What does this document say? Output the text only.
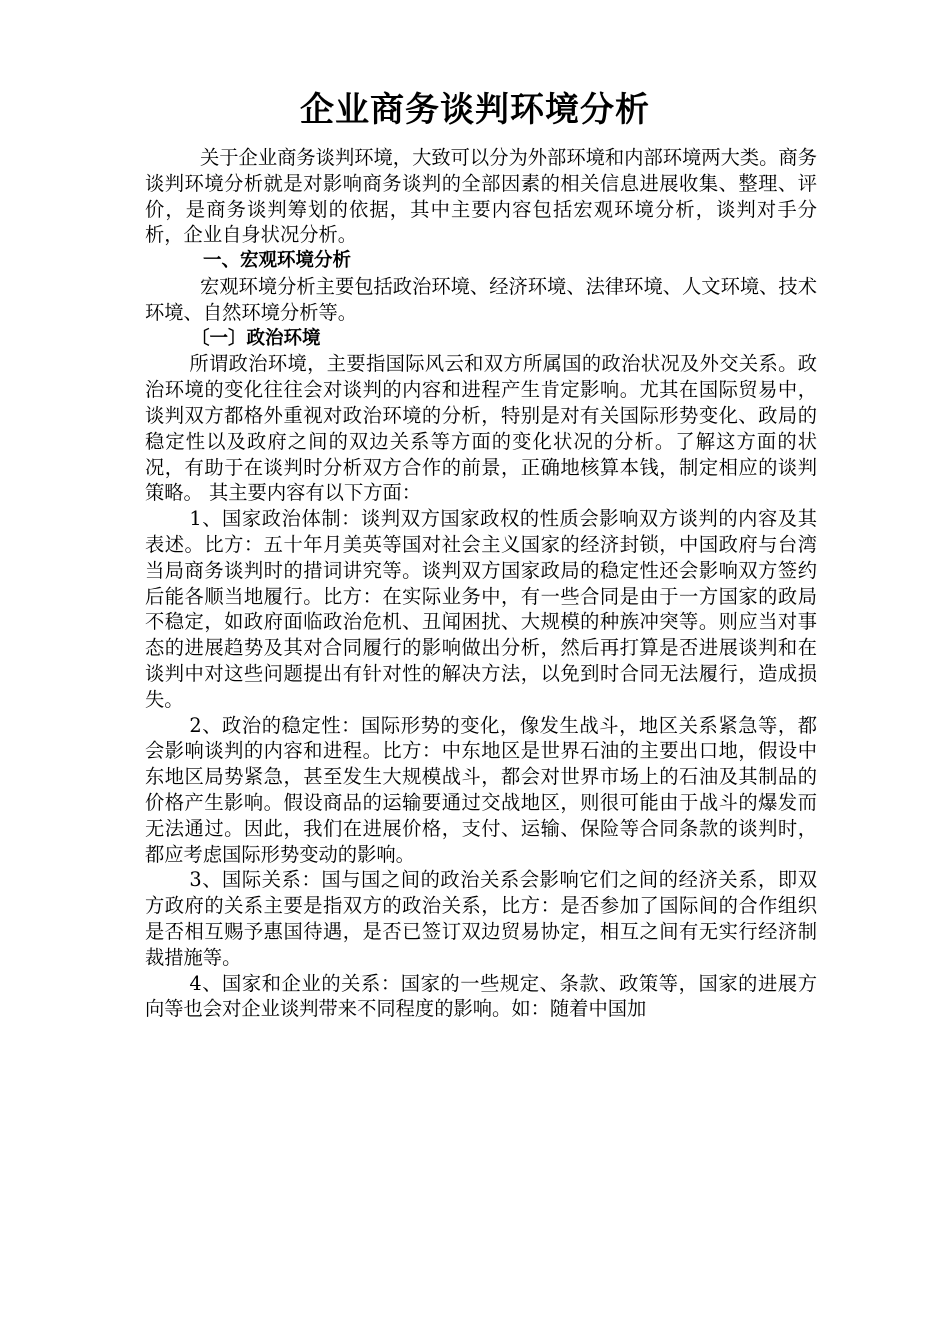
企业商务谈判环境分析

关于企业商务谈判环境，大致可以分为外部环境和内部环境两大类。商务谈判环境分析就是对影响商务谈判的全部因素的相关信息进展收集、整理、评价，是商务谈判筹划的依据，其中主要内容包括宏观环境分析，谈判对手分析，企业自身状况分析。

一、宏观环境分析

宏观环境分析主要包括政治环境、经济环境、法律环境、人文环境、技术环境、自然环境分析等。

〔一〕政治环境

所谓政治环境，主要指国际风云和双方所属国的政治状况及外交关系。政治环境的变化往往会对谈判的内容和进程产生肯定影响。尤其在国际贸易中，谈判双方都格外重视对政治环境的分析，特别是对有关国际形势变化、政局的稳定性以及政府之间的双边关系等方面的变化状况的分析。了解这方面的状况，有助于在谈判时分析双方合作的前景，正确地核算本钱，制定相应的谈判策略。 其主要内容有以下方面：

1、国家政治体制：谈判双方国家政权的性质会影响双方谈判的内容及其表述。比方：五十年月美英等国对社会主义国家的经济封锁，中国政府与台湾当局商务谈判时的措词讲究等。谈判双方国家政局的稳定性还会影响双方签约后能各顺当地履行。比方：在实际业务中，有一些合同是由于一方国家的政局不稳定，如政府面临政治危机、丑闻困扰、大规模的种族冲突等。则应当对事态的进展趋势及其对合同履行的影响做出分析，然后再打算是否进展谈判和在谈判中对这些问题提出有针对性的解决方法，以免到时合同无法履行，造成损失。

2、政治的稳定性：国际形势的变化，像发生战斗，地区关系紧急等，都会影响谈判的内容和进程。比方：中东地区是世界石油的主要出口地，假设中东地区局势紧急，甚至发生大规模战斗，都会对世界市场上的石油及其制品的价格产生影响。假设商品的运输要通过交战地区，则很可能由于战斗的爆发而无法通过。因此，我们在进展价格，支付、运输、保险等合同条款的谈判时，都应考虑国际形势变动的影响。

3、国际关系：国与国之间的政治关系会影响它们之间的经济关系，即双方政府的关系主要是指双方的政治关系，比方：是否参加了国际间的合作组织是否相互赐予惠国待遇，是否已签订双边贸易协定，相互之间有无实行经济制裁措施等。

4、国家和企业的关系：国家的一些规定、条款、政策等，国家的进展方向等也会对企业谈判带来不同程度的影响。如：随着中国加
